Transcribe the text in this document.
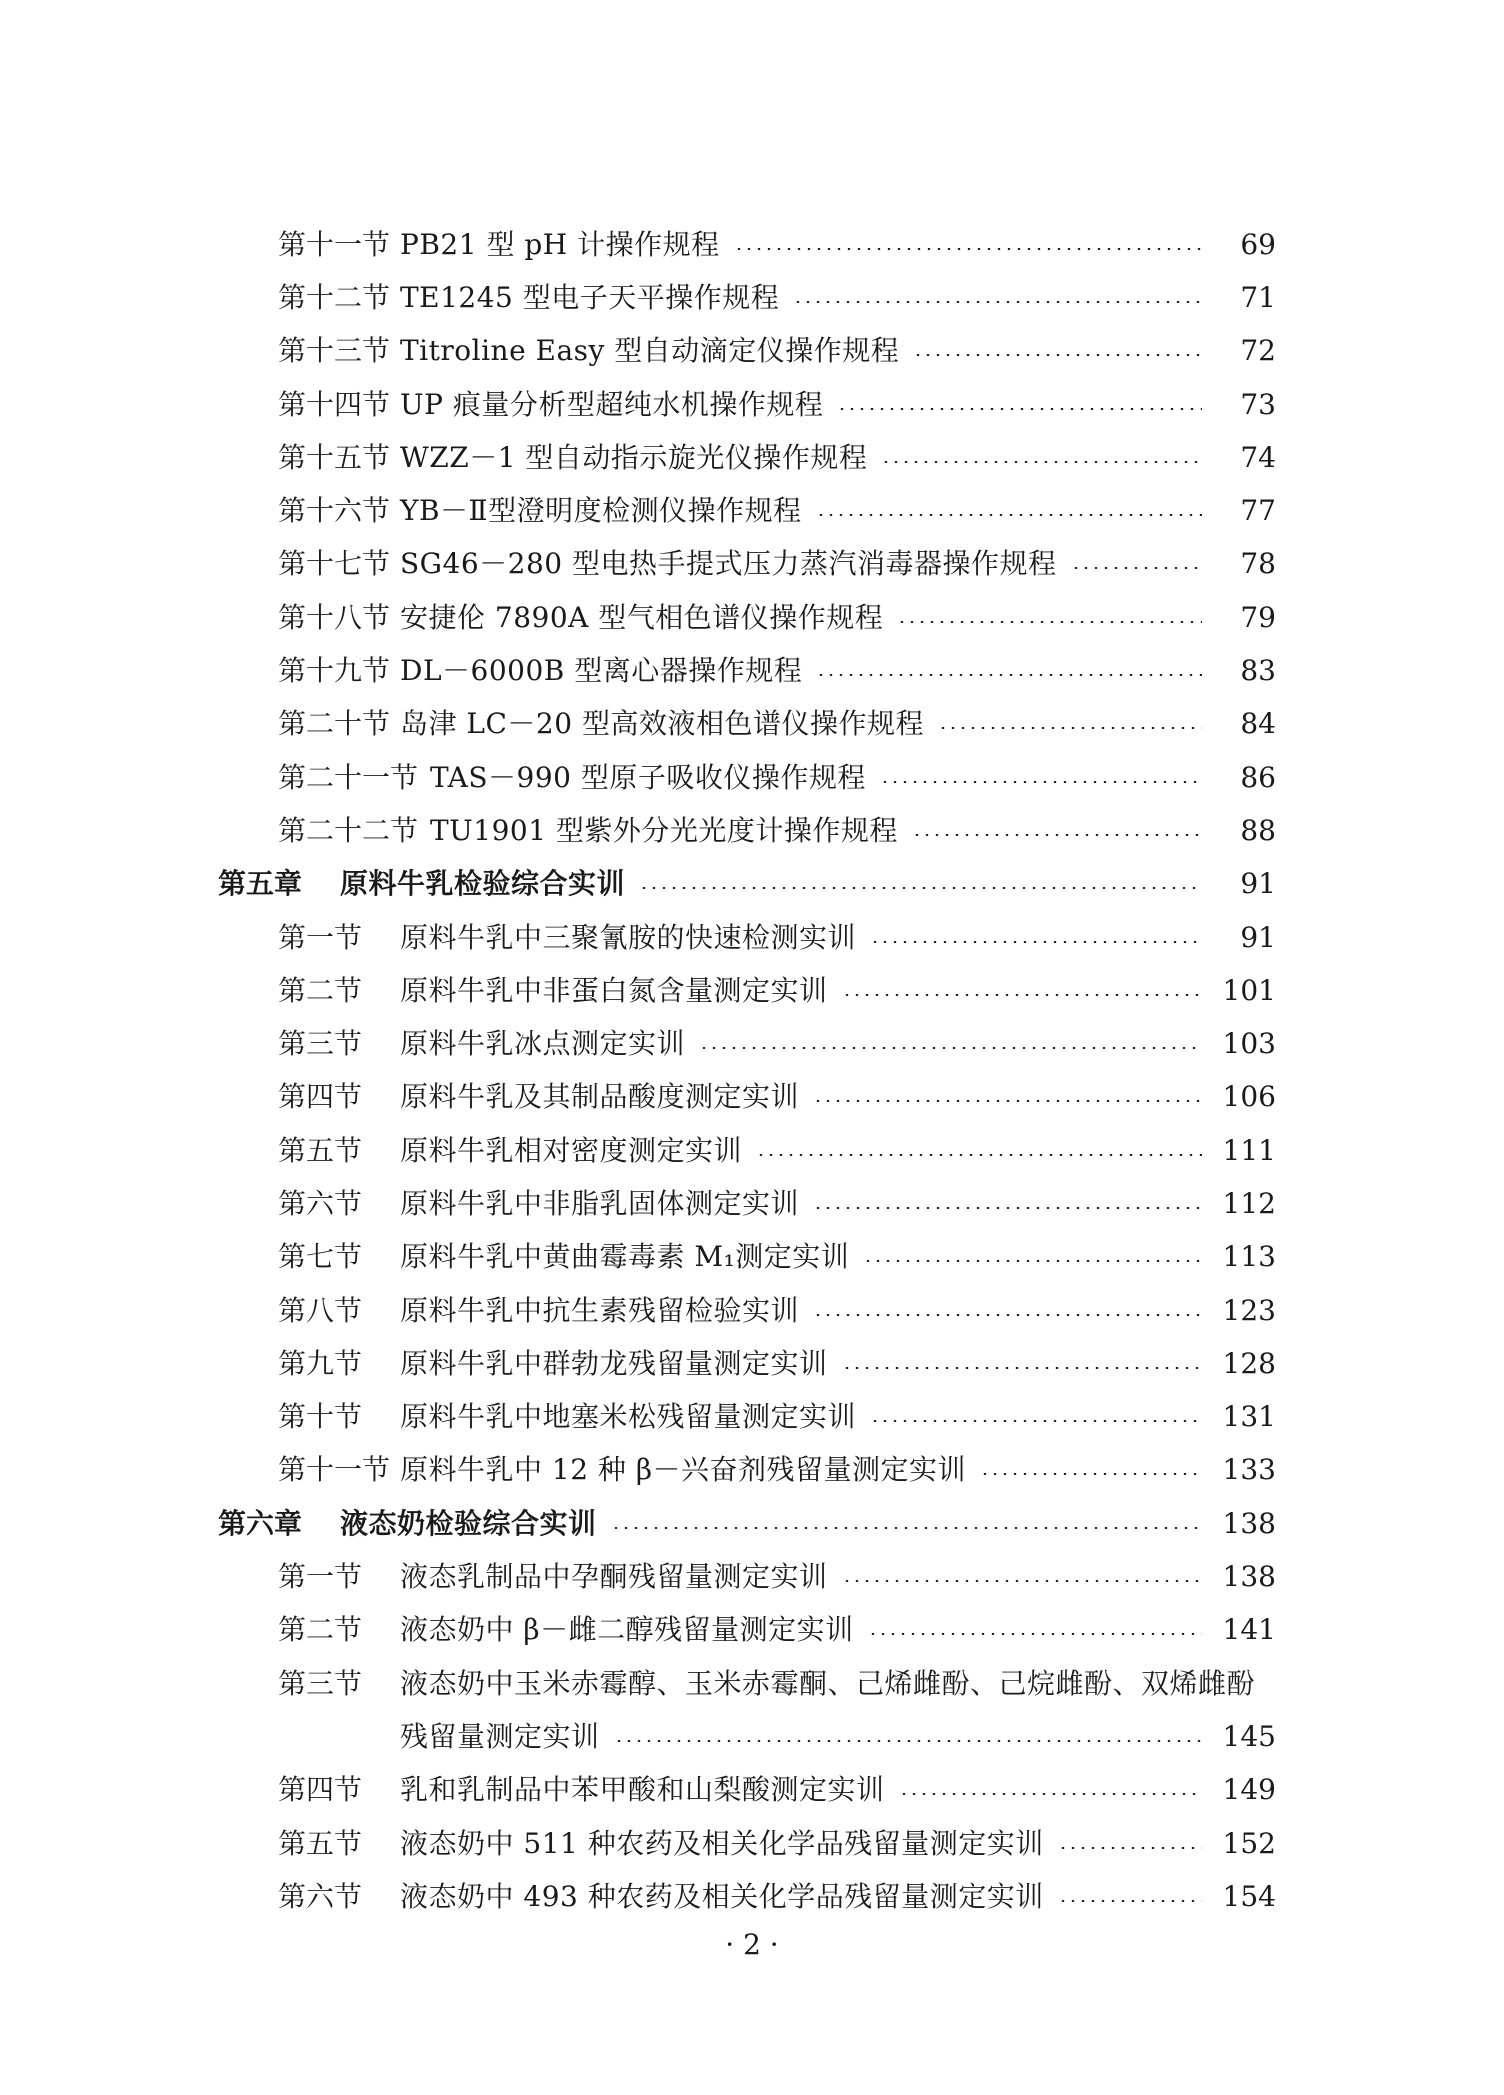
第十一节 PB21 型 pH 计操作规程	69
第十二节 TE1245 型电子天平操作规程	71
第十三节 Titroline Easy 型自动滴定仪操作规程	72
第十四节 UP 痕量分析型超纯水机操作规程	73
第十五节 WZZ－1 型自动指示旋光仪操作规程	74
第十六节 YB－Ⅱ型澄明度检测仪操作规程	77
第十七节 SG46－280 型电热手提式压力蒸汽消毒器操作规程	78
第十八节 安捷伦 7890A 型气相色谱仪操作规程	79
第十九节 DL－6000B 型离心器操作规程	83
第二十节 岛津 LC－20 型高效液相色谱仪操作规程	84
第二十一节 TAS－990 型原子吸收仪操作规程	86
第二十二节 TU1901 型紫外分光光度计操作规程	88
第五章	原料牛乳检验综合实训	91
第一节	原料牛乳中三聚氰胺的快速检测实训	91
第二节	原料牛乳中非蛋白氮含量测定实训	101
第三节	原料牛乳冰点测定实训	103
第四节	原料牛乳及其制品酸度测定实训	106
第五节	原料牛乳相对密度测定实训	111
第六节	原料牛乳中非脂乳固体测定实训	112
第七节	原料牛乳中黄曲霉毒素 M₁测定实训	113
第八节	原料牛乳中抗生素残留检验实训	123
第九节	原料牛乳中群勃龙残留量测定实训	128
第十节	原料牛乳中地塞米松残留量测定实训	131
第十一节 原料牛乳中 12 种 β－兴奋剂残留量测定实训	133
第六章	液态奶检验综合实训	138
第一节	液态乳制品中孕酮残留量测定实训	138
第二节	液态奶中 β－雌二醇残留量测定实训	141
第三节	液态奶中玉米赤霉醇、玉米赤霉酮、己烯雌酚、己烷雌酚、双烯雌酚
残留量测定实训	145
第四节	乳和乳制品中苯甲酸和山梨酸测定实训	149
第五节	液态奶中 511 种农药及相关化学品残留量测定实训	152
第六节	液态奶中 493 种农药及相关化学品残留量测定实训	154
· 2 ·
